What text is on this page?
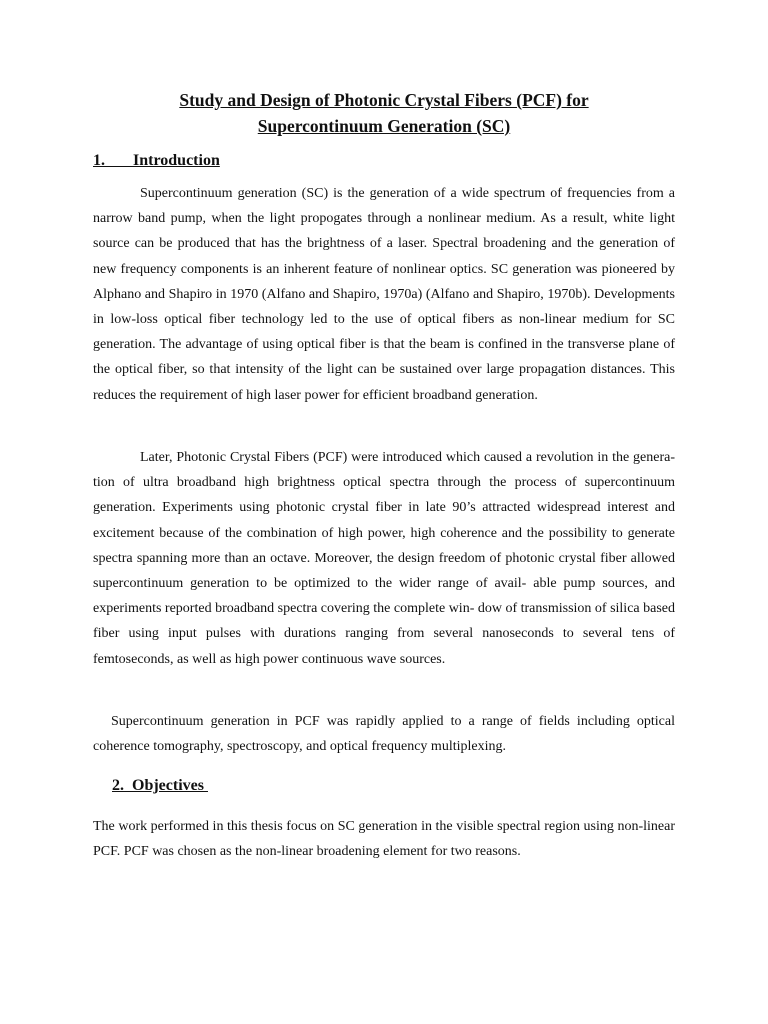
Study and Design of Photonic Crystal Fibers (PCF) for
Supercontinuum Generation (SC)
1.       Introduction

Supercontinuum generation (SC) is the generation of a wide spectrum of frequencies from a narrow band pump, when the light propogates through a nonlinear medium. As a result, white light source can be produced that has the brightness of a laser. Spectral broadening and the generation of new frequency components is an inherent feature of nonlinear optics. SC generation was pioneered by Alphano and Shapiro in 1970 (Alfano and Shapiro, 1970a) (Alfano and Shapiro, 1970b). Developments in low-loss optical fiber technology led to the use of optical fibers as non-linear medium for SC generation. The advantage of using optical fiber is that the beam is confined in the transverse plane of the optical fiber, so that intensity of the light can be sustained over large propagation distances. This reduces the requirement of high laser power for efficient broadband generation.

Later, Photonic Crystal Fibers (PCF) were introduced which caused a revolution in the genera- tion of ultra broadband high brightness optical spectra through the process of supercontinuum generation. Experiments using photonic crystal fiber in late 90’s attracted widespread interest and excitement because of the combination of high power, high coherence and the possibility to generate spectra spanning more than an octave. Moreover, the design freedom of photonic crystal fiber allowed supercontinuum generation to be optimized to the wider range of avail- able pump sources, and experiments reported broadband spectra covering the complete win- dow of transmission of silica based fiber using input pulses with durations ranging from several nanoseconds to several tens of femtoseconds, as well as high power continuous wave sources.

Supercontinuum generation in PCF was rapidly applied to a range of fields including optical coherence tomography, spectroscopy, and optical frequency multiplexing.

2.  Objectives

The work performed in this thesis focus on SC generation in the visible spectral region using non-linear PCF. PCF was chosen as the non-linear broadening element for two reasons.
